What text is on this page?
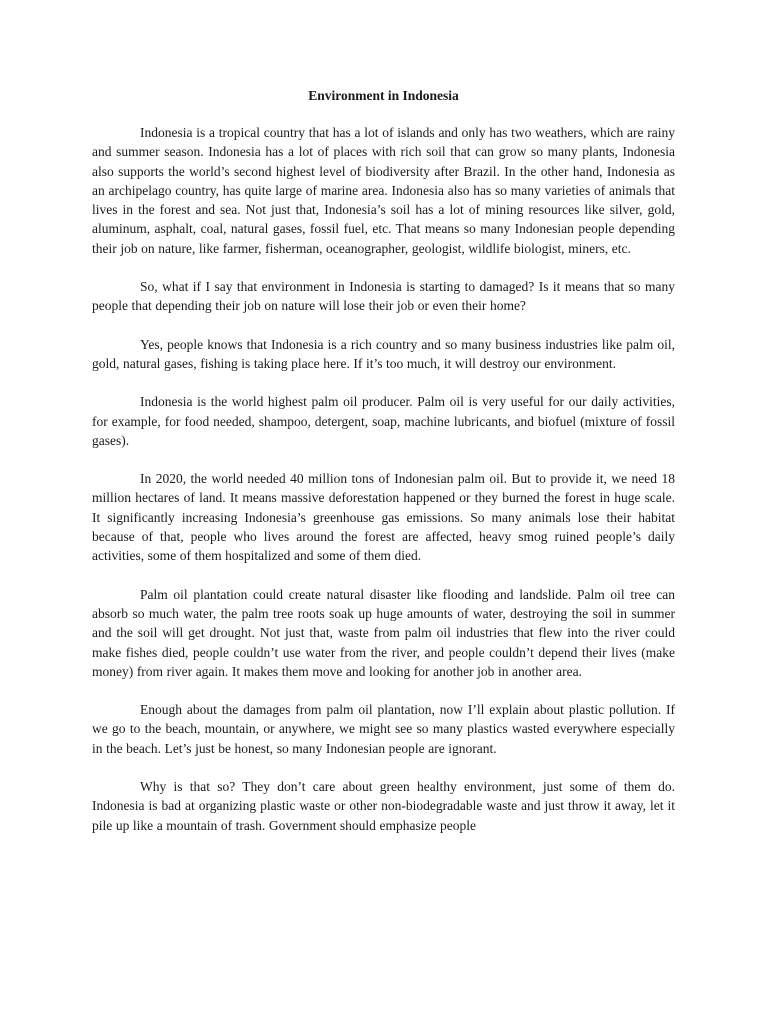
Environment in Indonesia

Indonesia is a tropical country that has a lot of islands and only has two weathers, which are rainy and summer season. Indonesia has a lot of places with rich soil that can grow so many plants, Indonesia also supports the world’s second highest level of biodiversity after Brazil. In the other hand, Indonesia as an archipelago country, has quite large of marine area. Indonesia also has so many varieties of animals that lives in the forest and sea. Not just that, Indonesia’s soil has a lot of mining resources like silver, gold, aluminum, asphalt, coal, natural gases, fossil fuel, etc. That means so many Indonesian people depending their job on nature, like farmer, fisherman, oceanographer, geologist, wildlife biologist, miners, etc.

So, what if I say that environment in Indonesia is starting to damaged? Is it means that so many people that depending their job on nature will lose their job or even their home?

Yes, people knows that Indonesia is a rich country and so many business industries like palm oil, gold, natural gases, fishing is taking place here. If it’s too much, it will destroy our environment.

Indonesia is the world highest palm oil producer. Palm oil is very useful for our daily activities, for example, for food needed, shampoo, detergent, soap, machine lubricants, and biofuel (mixture of fossil gases).

In 2020, the world needed 40 million tons of Indonesian palm oil. But to provide it, we need 18 million hectares of land. It means massive deforestation happened or they burned the forest in huge scale. It significantly increasing Indonesia’s greenhouse gas emissions. So many animals lose their habitat because of that, people who lives around the forest are affected, heavy smog ruined people’s daily activities, some of them hospitalized and some of them died.

Palm oil plantation could create natural disaster like flooding and landslide. Palm oil tree can absorb so much water, the palm tree roots soak up huge amounts of water, destroying the soil in summer and the soil will get drought. Not just that, waste from palm oil industries that flew into the river could make fishes died, people couldn’t use water from the river, and people couldn’t depend their lives (make money) from river again. It makes them move and looking for another job in another area.

Enough about the damages from palm oil plantation, now I’ll explain about plastic pollution. If we go to the beach, mountain, or anywhere, we might see so many plastics wasted everywhere especially in the beach. Let’s just be honest, so many Indonesian people are ignorant.

Why is that so? They don’t care about green healthy environment, just some of them do. Indonesia is bad at organizing plastic waste or other non-biodegradable waste and just throw it away, let it pile up like a mountain of trash. Government should emphasize people
